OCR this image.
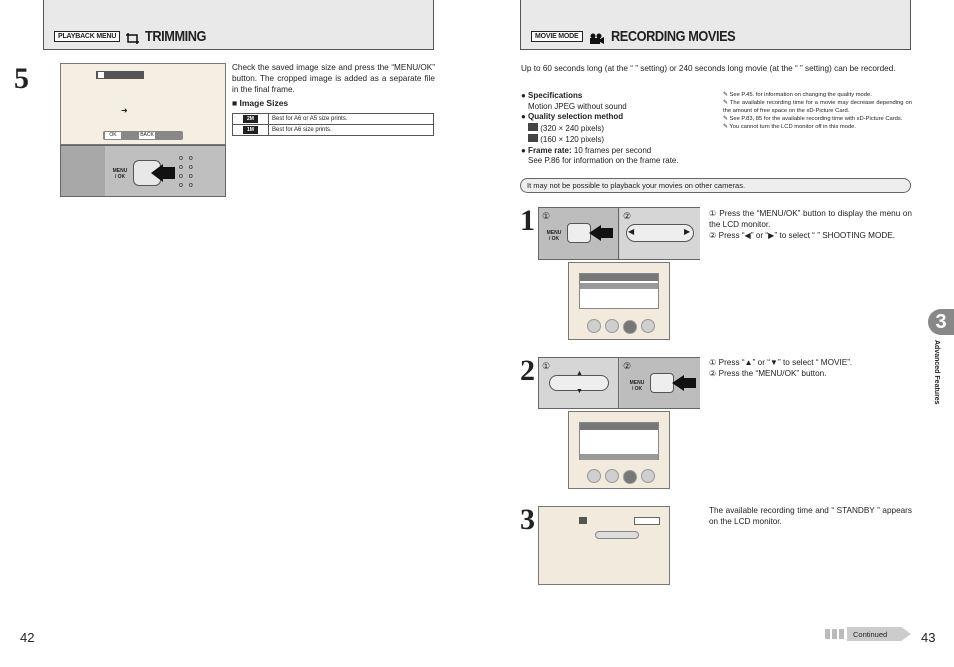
PLAYBACK MENU TRIMMING
5
➜
OK	BACK
MENU
/ OK
oo
oo
oo
oo
Check the saved image size and press the “MENU/OK” button. The cropped image is added as a separate file in the final frame.
■ Image Sizes
2M	Best for A6 or A5 size prints.
1M	Best for A6 size prints.
42
MOVIE MODE RECORDING MOVIES
Up to 60 seconds long (at the “ ” setting) or 240 seconds long movie (at the “ ” setting) can be recorded.
● Specifications
Motion JPEG without sound
● Quality selection method
(320 × 240 pixels)
(160 × 120 pixels)
● Frame rate: 10 frames per second
See P.86 for information on the frame rate.
✎ See P.45. for information on changing the quality mode.
✎ The available recording time for a movie may decrease depending on the amount of free space on the xD-Picture Card.
✎ See P.83, 85 for the available recording time with xD-Picture Cards.
✎ You cannot turn the LCD monitor off in this mode.
It may not be possible to playback your movies on other cameras.
1 ①
MENU
/ OK
②
◀	▶
① Press the “MENU/OK” button to display the menu on the LCD monitor.
② Press “◀” or “▶” to select “ ” SHOOTING MODE.
2 ①
▲
▼
②
MENU
/ OK
① Press “▲” or “▼” to select “ MOVIE”.
② Press the “MENU/OK” button.
3	The available recording time and “ STANDBY ” appears on the LCD monitor.
3
Advanced Features
Continued	43
